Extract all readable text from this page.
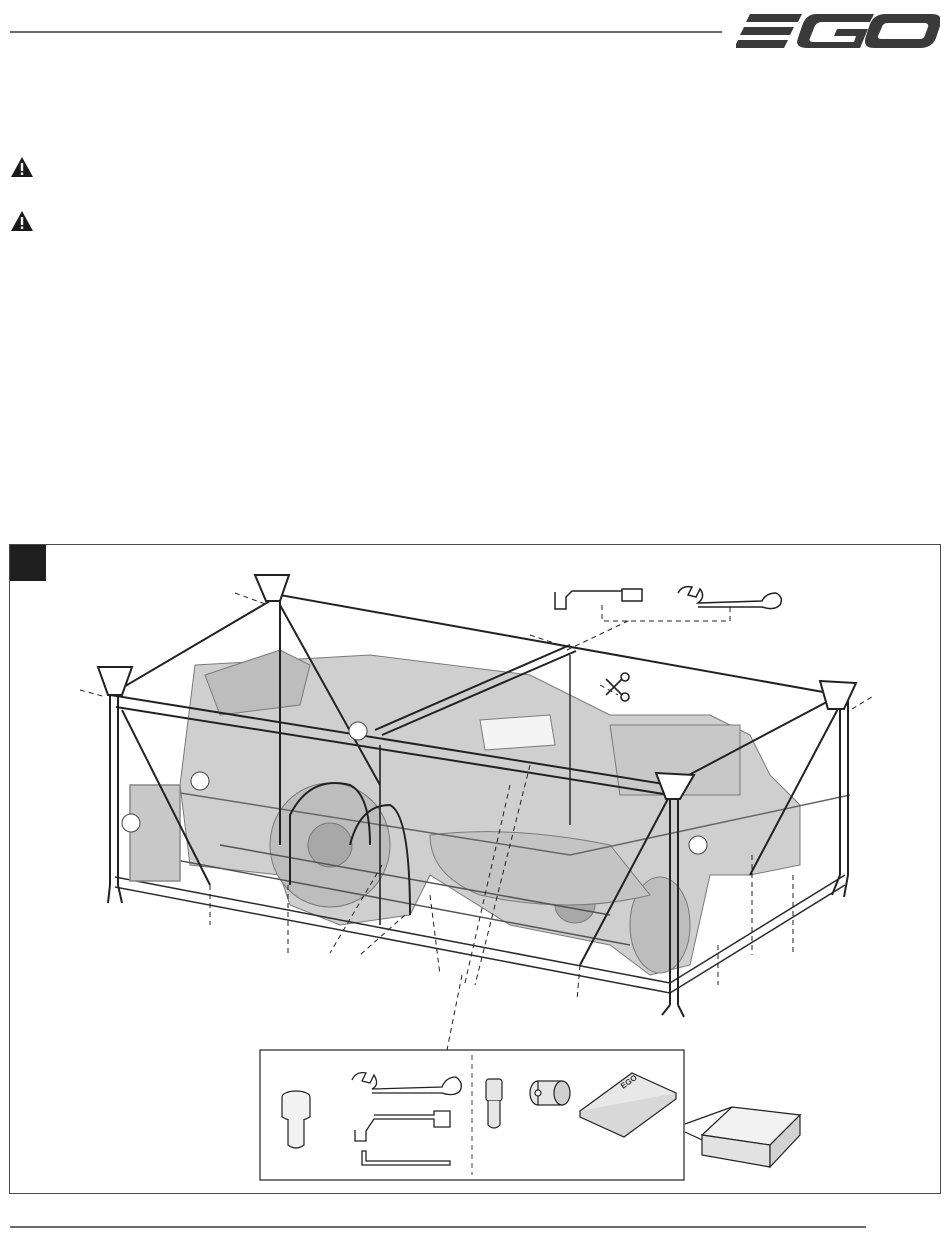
EGO
